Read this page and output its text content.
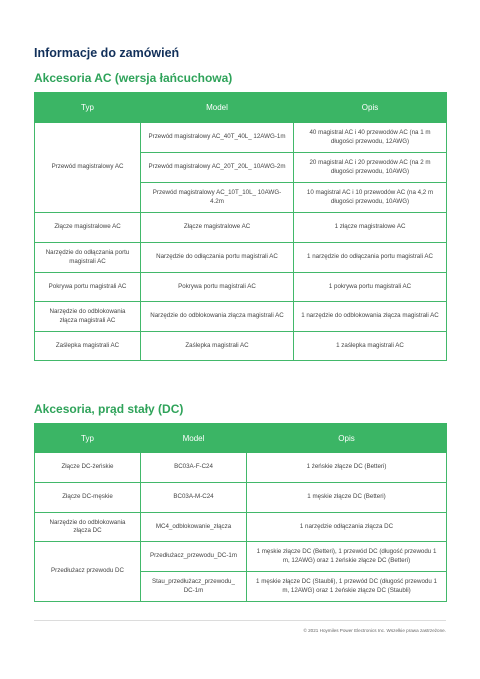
Informacje do zamówień
Akcesoria AC (wersja łańcuchowa)
Typ	Model	Opis
Przewód magistralowy AC	Przewód magistralowy AC_40T_40L_ 12AWG-1m	40 magistral AC i 40 przewodów AC (na 1 m długości przewodu, 12AWG)
	Przewód magistralowy AC_20T_20L_ 10AWG-2m	20 magistral AC i 20 przewodów AC (na 2 m długości przewodu, 10AWG)
	Przewód magistralowy AC_10T_10L_ 10AWG-4.2m	10 magistral AC i 10 przewodów AC (na 4,2 m długości przewodu, 10AWG)
Złącze magistralowe AC	Złącze magistralowe AC	1 złącze magistralowe AC
Narzędzie do odłączania portu magistrali AC	Narzędzie do odłączania portu magistrali AC	1 narzędzie do odłączania portu magistrali AC
Pokrywa portu magistrali AC	Pokrywa portu magistrali AC	1 pokrywa portu magistrali AC
Narzędzie do odblokowania złącza magistrali AC	Narzędzie do odblokowania złącza magistrali AC	1 narzędzie do odblokowania złącza magistrali AC
Zaślepka magistrali AC	Zaślepka magistrali AC	1 zaślepka magistrali AC
Akcesoria, prąd stały (DC)
Typ	Model	Opis
Złącze DC-żeńskie	BC03A-F-C24	1 żeńskie złącze DC (Betteri)
Złącze DC-męskie	BC03A-M-C24	1 męskie złącze DC (Betteri)
Narzędzie do odblokowania złącza DC	MC4_odblokowanie_złącza	1 narzędzie odłączania złącza DC
Przedłużacz przewodu DC	Przedłużacz_przewodu_DC-1m	1 męskie złącze DC (Betteri), 1 przewód DC (długość przewodu 1 m, 12AWG) oraz 1 żeńskie złącze DC (Betteri)
	Stau_przedłużacz_przewodu_ DC-1m	1 męskie złącze DC (Staubli), 1 przewód DC (długość przewodu 1 m, 12AWG) oraz 1 żeńskie złącze DC (Staubli)
© 2021 Hoymiles Power Electronics Inc. Wszelkie prawa zastrzeżone.
